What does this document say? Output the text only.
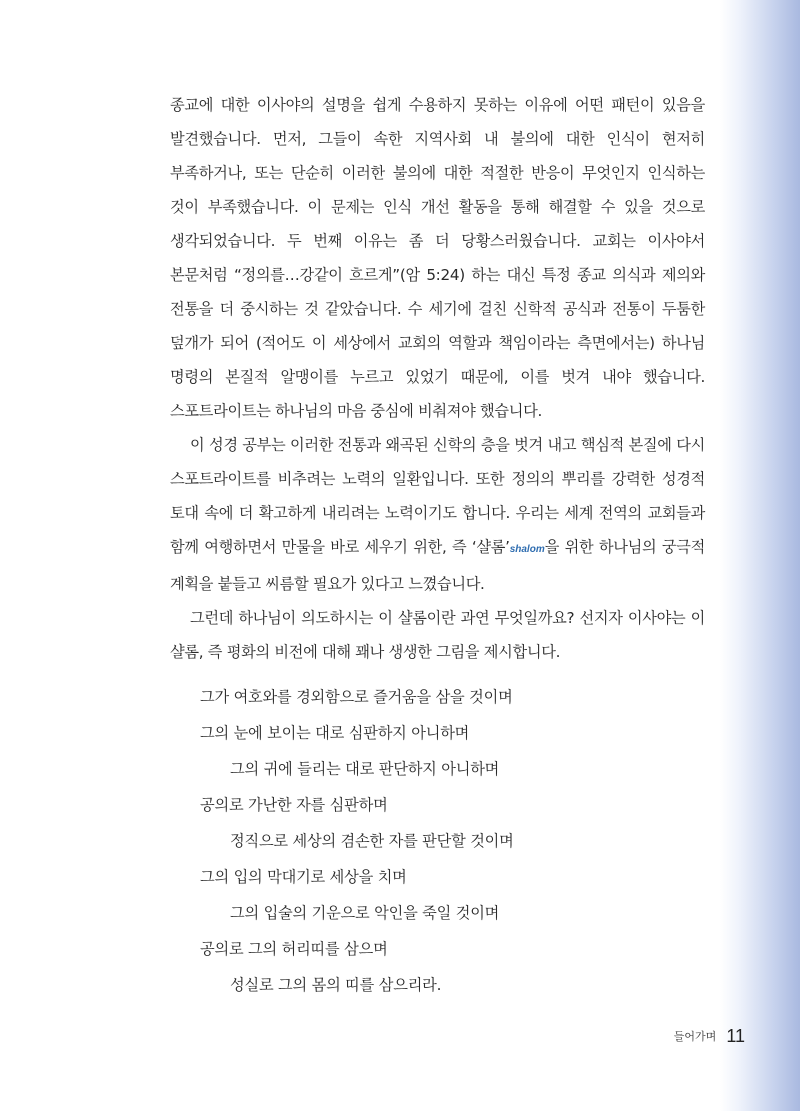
종교에 대한 이사야의 설명을 쉽게 수용하지 못하는 이유에 어떤 패턴이 있음을 발견했습니다. 먼저, 그들이 속한 지역사회 내 불의에 대한 인식이 현저히 부족하거나, 또는 단순히 이러한 불의에 대한 적절한 반응이 무엇인지 인식하는 것이 부족했습니다. 이 문제는 인식 개선 활동을 통해 해결할 수 있을 것으로 생각되었습니다. 두 번째 이유는 좀 더 당황스러웠습니다. 교회는 이사야서 본문처럼 “정의를…강같이 흐르게”(암 5:24) 하는 대신 특정 종교 의식과 제의와 전통을 더 중시하는 것 같았습니다. 수 세기에 걸친 신학적 공식과 전통이 두툼한 덮개가 되어 (적어도 이 세상에서 교회의 역할과 책임이라는 측면에서는) 하나님 명령의 본질적 알맹이를 누르고 있었기 때문에, 이를 벗겨 내야 했습니다. 스포트라이트는 하나님의 마음 중심에 비춰져야 했습니다.

이 성경 공부는 이러한 전통과 왜곡된 신학의 층을 벗겨 내고 핵심적 본질에 다시 스포트라이트를 비추려는 노력의 일환입니다. 또한 정의의 뿌리를 강력한 성경적 토대 속에 더 확고하게 내리려는 노력이기도 합니다. 우리는 세계 전역의 교회들과 함께 여행하면서 만물을 바로 세우기 위한, 즉 ‘샬롬’shalom을 위한 하나님의 궁극적 계획을 붙들고 씨름할 필요가 있다고 느꼈습니다.

그런데 하나님이 의도하시는 이 샬롬이란 과연 무엇일까요? 선지자 이사야는 이 샬롬, 즉 평화의 비전에 대해 꽤나 생생한 그림을 제시합니다.

그가 여호와를 경외함으로 즐거움을 삼을 것이며
그의 눈에 보이는 대로 심판하지 아니하며
그의 귀에 들리는 대로 판단하지 아니하며
공의로 가난한 자를 심판하며
정직으로 세상의 겸손한 자를 판단할 것이며
그의 입의 막대기로 세상을 치며
그의 입술의 기운으로 악인을 죽일 것이며
공의로 그의 허리띠를 삼으며
성실로 그의 몸의 띠를 삼으리라.
들어가며 11
